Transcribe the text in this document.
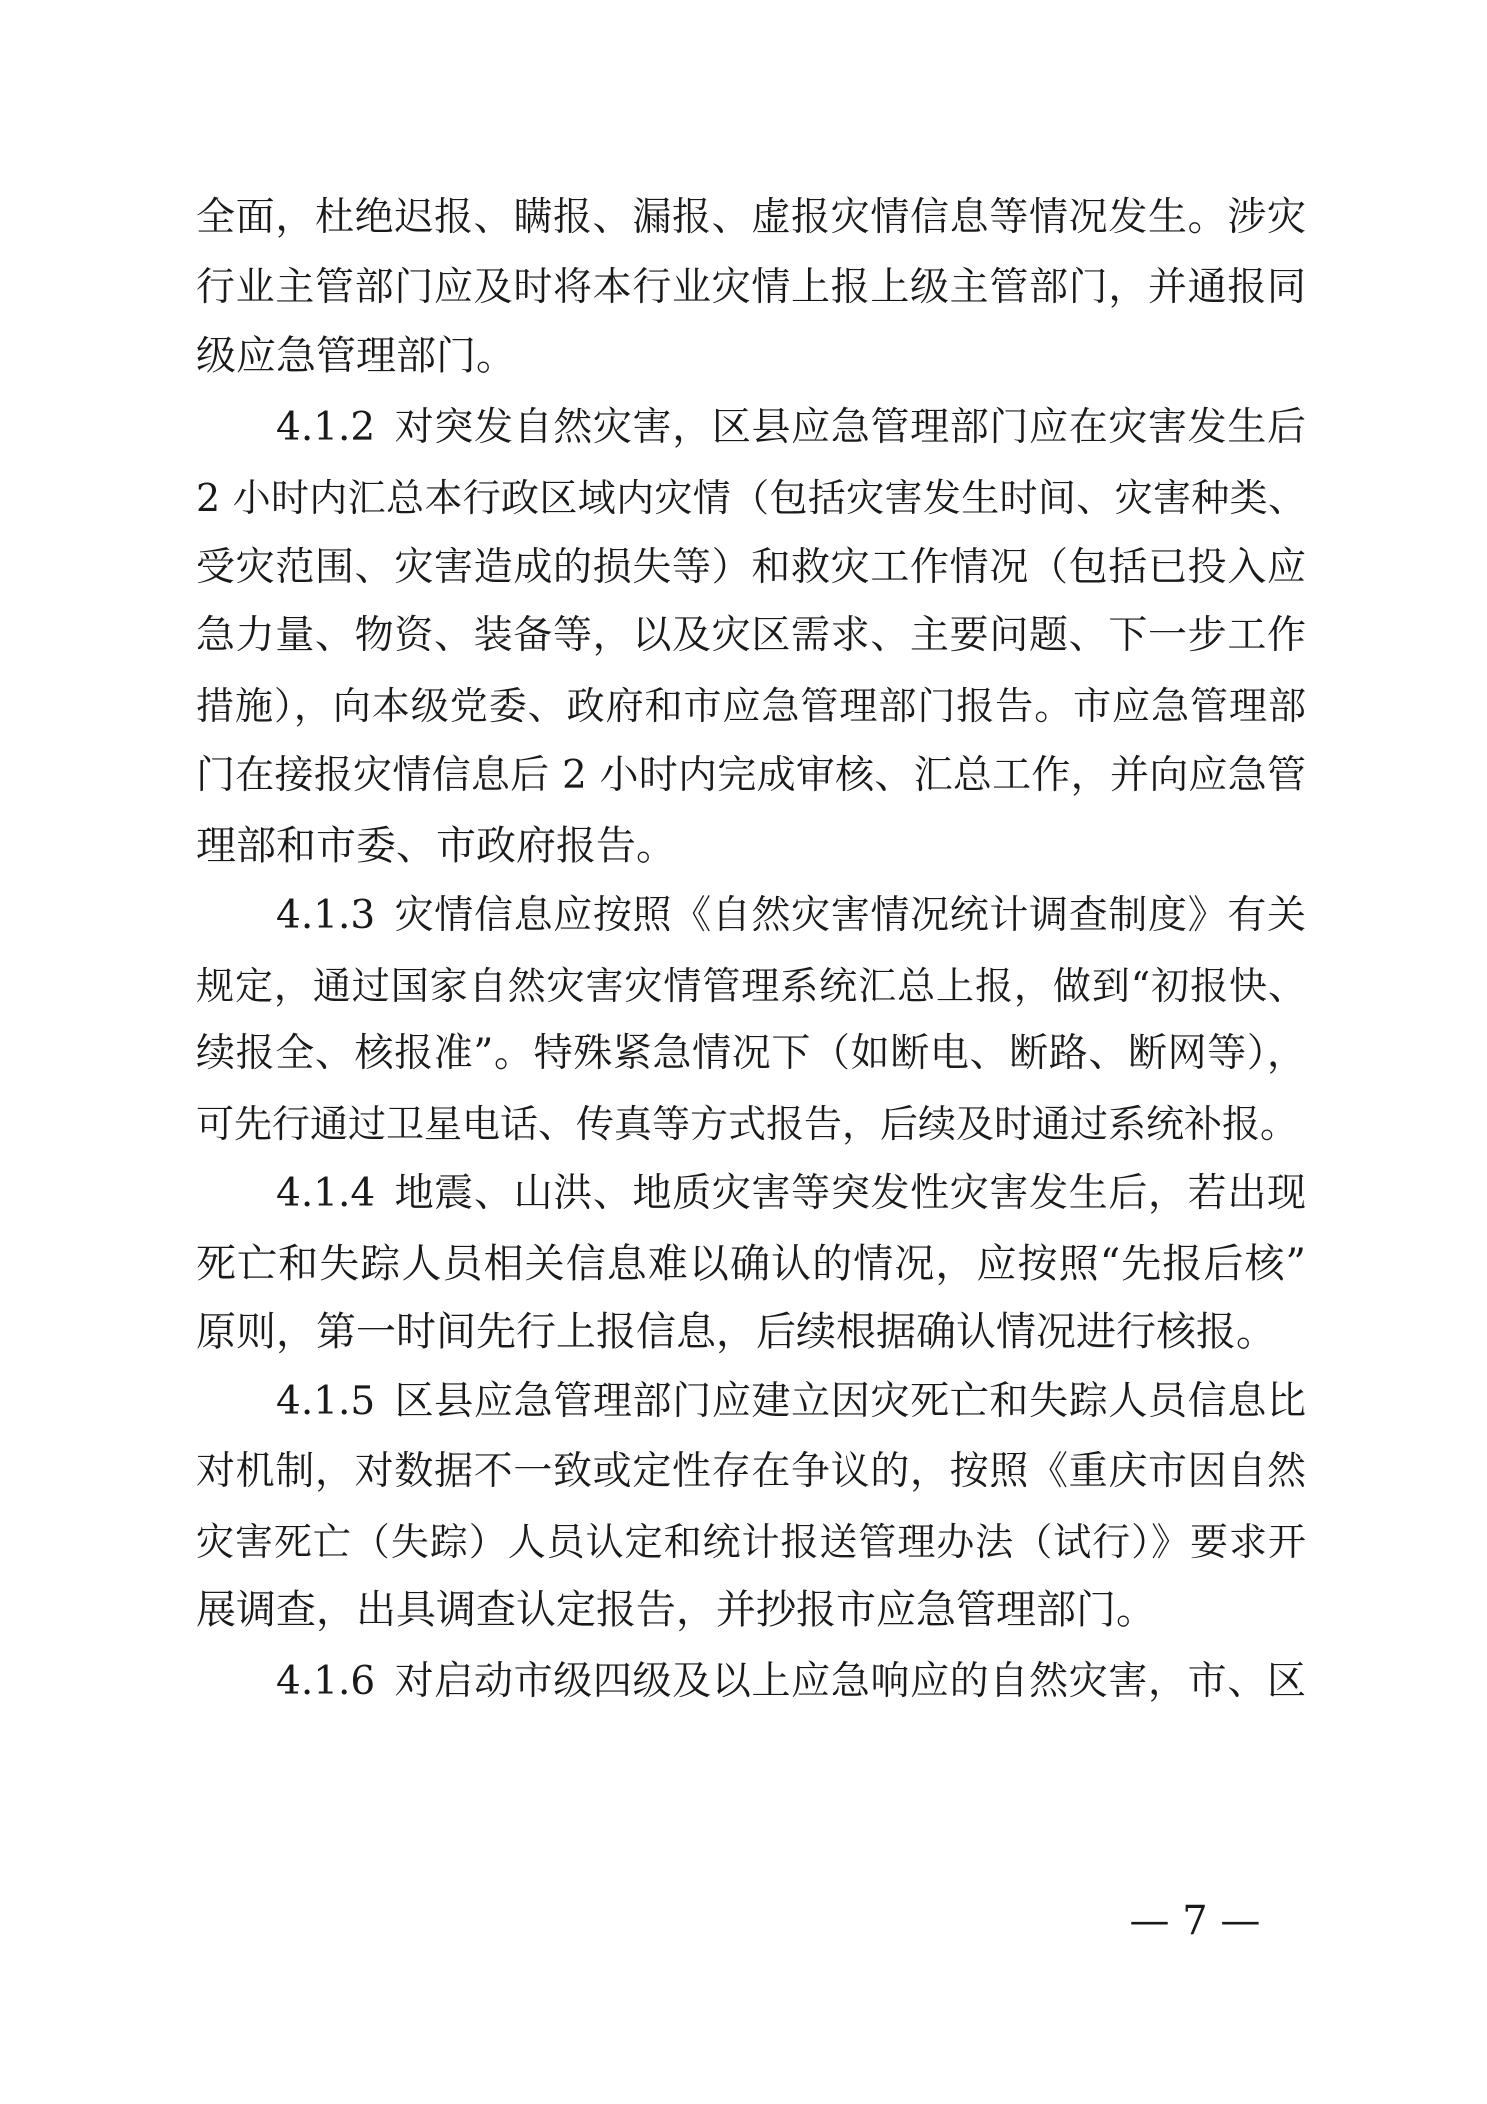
全面，杜绝迟报、瞒报、漏报、虚报灾情信息等情况发生。涉灾
行业主管部门应及时将本行业灾情上报上级主管部门，并通报同
级应急管理部门。
4.1.2 对突发自然灾害，区县应急管理部门应在灾害发生后
2 小时内汇总本行政区域内灾情（包括灾害发生时间、灾害种类、
受灾范围、灾害造成的损失等）和救灾工作情况（包括已投入应
急力量、物资、装备等，以及灾区需求、主要问题、下一步工作
措施），向本级党委、政府和市应急管理部门报告。市应急管理部
门在接报灾情信息后 2 小时内完成审核、汇总工作，并向应急管
理部和市委、市政府报告。
4.1.3 灾情信息应按照《自然灾害情况统计调查制度》有关
规定，通过国家自然灾害灾情管理系统汇总上报，做到“初报快、
续报全、核报准”。特殊紧急情况下（如断电、断路、断网等），
可先行通过卫星电话、传真等方式报告，后续及时通过系统补报。
4.1.4 地震、山洪、地质灾害等突发性灾害发生后，若出现
死亡和失踪人员相关信息难以确认的情况，应按照“先报后核”
原则，第一时间先行上报信息，后续根据确认情况进行核报。
4.1.5 区县应急管理部门应建立因灾死亡和失踪人员信息比
对机制，对数据不一致或定性存在争议的，按照《重庆市因自然
灾害死亡（失踪）人员认定和统计报送管理办法（试行）》要求开
展调查，出具调查认定报告，并抄报市应急管理部门。
4.1.6 对启动市级四级及以上应急响应的自然灾害，市、区
— 7 —
